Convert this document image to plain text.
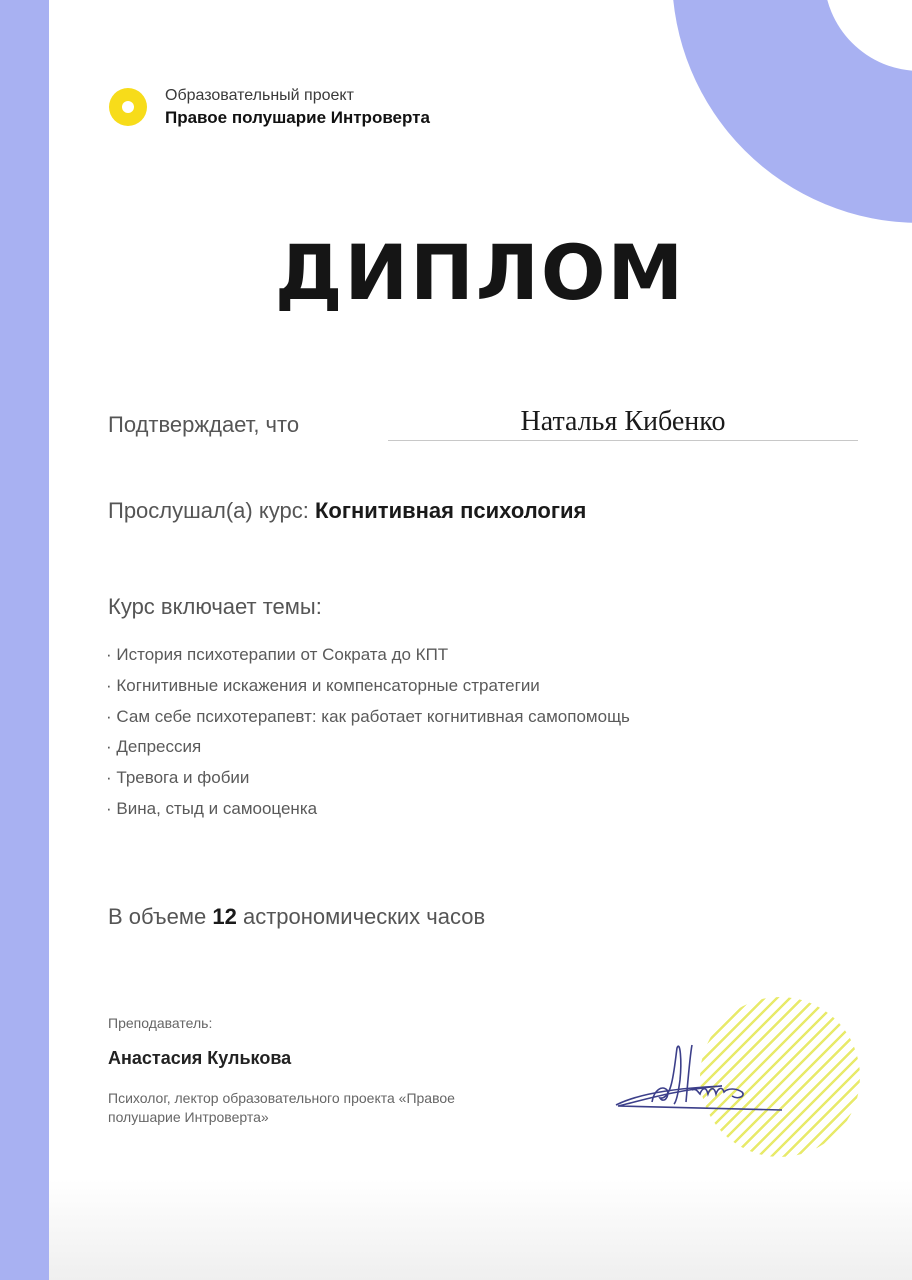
Образовательный проект
Правое полушарие Интроверта
ДИПЛОМ
Подтверждает, что	Наталья Кибенко
Прослушал(а) курс: Когнитивная психология
Курс включает темы:
· История психотерапии от Сократа до КПТ
· Когнитивные искажения и компенсаторные стратегии
· Сам себе психотерапевт: как работает когнитивная самопомощь
· Депрессия
· Тревога и фобии
· Вина, стыд и самооценка
В объеме 12 астрономических часов
Преподаватель:
Анастасия Кулькова
Психолог, лектор образовательного проекта «Правое полушарие Интроверта»
